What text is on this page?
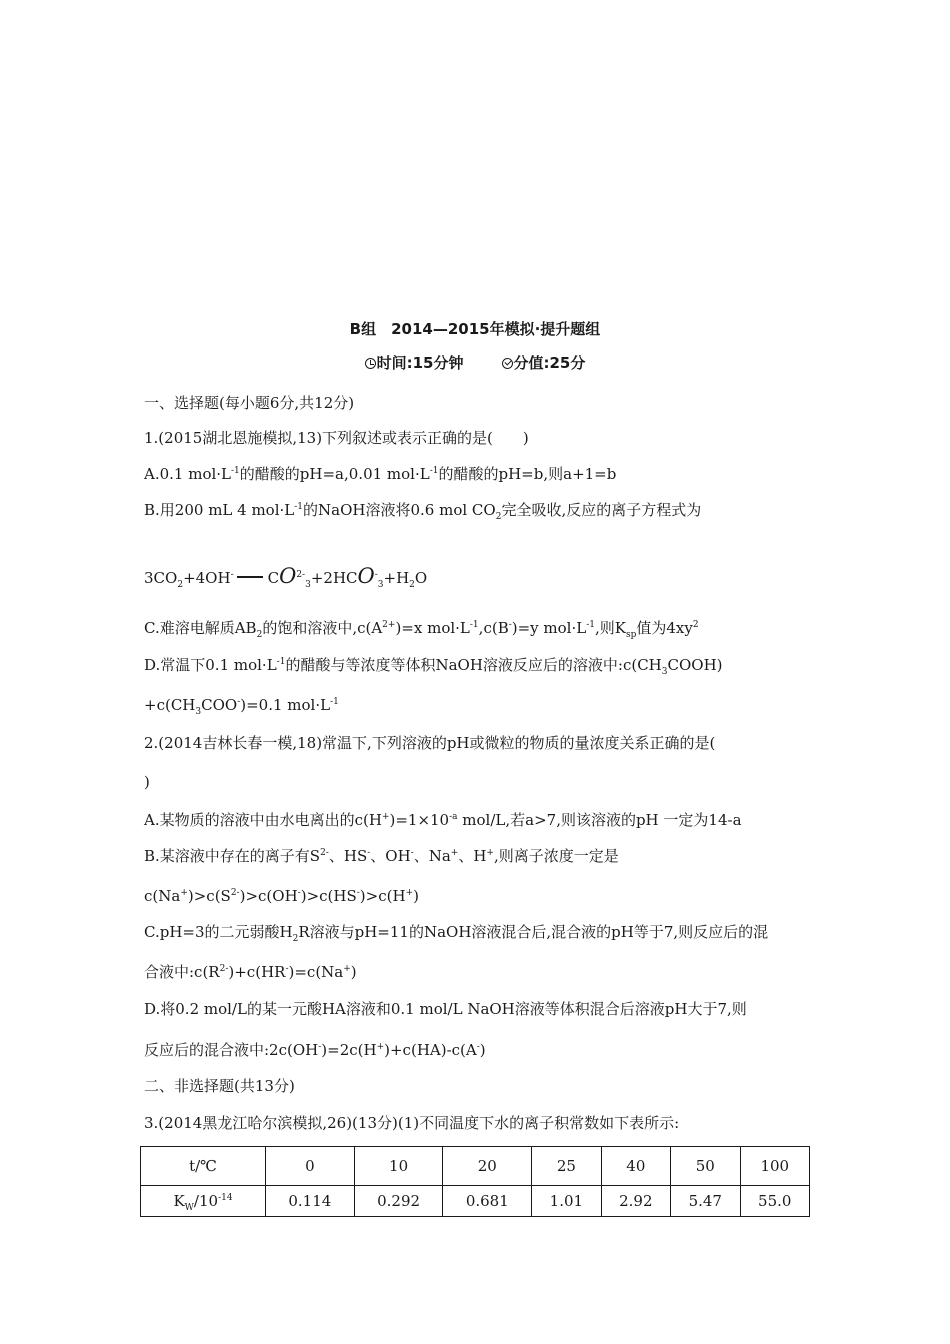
B组　2014—2015年模拟·提升题组
时间:15分钟	分值:25分
一、选择题(每小题6分,共12分)
1.(2015湖北恩施模拟,13)下列叙述或表示正确的是(　　)
A.0.1 $mol\cdot L^{-1}$的醋酸的pH=a,0.01 $mol\cdot L^{-1}$的醋酸的pH=b,则a+1=b
B.用200 mL 4 $mol\cdot L^{-1}$的NaOH溶液将0.6 mol $CO_2$完全吸收,反应的离子方程式为
$3CO_2+4OH^-$ $CO^{2-}_3+2HCO^-_3+H_2O$
C.难溶电解质$AB_2$的饱和溶液中$,c(A^{2+})=x$ $mol\cdot L^{-1},c(B^-)=y$ $mol\cdot L^{-1}$,则$K_{sp}$值为$4xy^2$
D.常温下0.1 $mol\cdot L^{-1}$的醋酸与等浓度等体积NaOH溶液反应后的溶液中$:c(CH_3COOH)$
$+c(CH_3COO^-)=0.1$ $mol\cdot L^{-1}$
2.(2014吉林长春一模,18)常温下,下列溶液的pH或微粒的物质的量浓度关系正确的是(
)
A.某物质的溶液中由水电离出的$c(H^+)=1\times 10^{-a}$ mol/L,若a>7,则该溶液的pH 一定为14-a
B.某溶液中存在的离子有$S^{2-}$、HS-、OH-、Na+、H+,则离子浓度一定是
$c(Na^+)>c(S^{2-})>c(OH^-)>c(HS^-)>c(H^+)$
C.pH=3的二元弱酸$H_2R$溶液与pH=11的NaOH溶液混合后,混合液的pH等于7,则反应后的混
合液中$:c(R^{2-})+c(HR^-)=c(Na^+)$
D.将0.2 mol/L的某一元酸HA溶液和0.1 mol/L NaOH溶液等体积混合后溶液pH大于7,则
反应后的混合液中:2c(OH-)=2c(H+)+c(HA)-c(A-)
二、非选择题(共13分)
3.(2014黑龙江哈尔滨模拟,26)(13分)(1)不同温度下水的离子积常数如下表所示:
t/℃	0	10	20	25	40	50	100
$K_W/10^{-14}$	0.114	0.292	0.681	1.01	2.92	5.47	55.0
